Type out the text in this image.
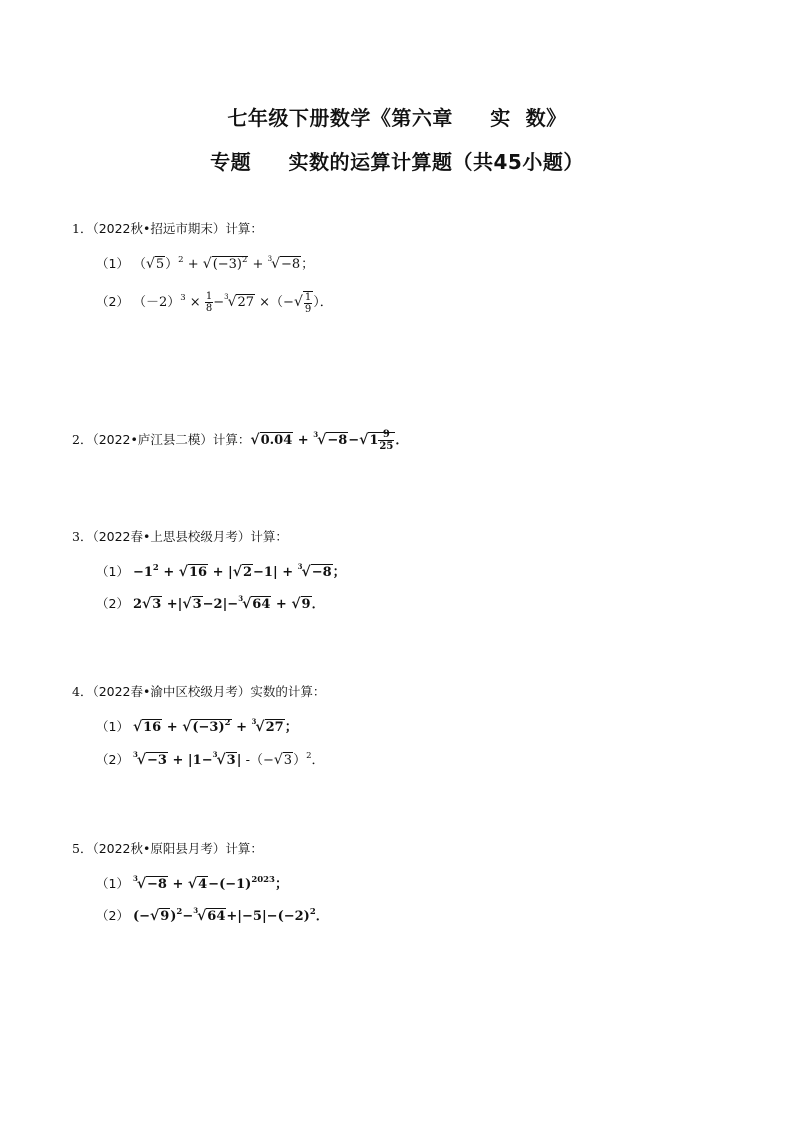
七年级下册数学《第六章     实  数》
专题     实数的运算计算题（共45小题）
1．（2022秋•招远市期末）计算：
（1） $(√5)^2 + √(-3)^2 + ^3√-8$；
（2） $(-2)^3 \times \frac{1}{8} -^3√27$ ×（−√ $\frac{1}{9}$ ）．
2．（2022•庐江县二模）计算：$√0.04 + ^3√-8-√1 \frac{9}{25}$ ．
3．（2022春•上思县校级月考）计算：
$(1) -1^2 + √16 + |√2-1| + ^3√-8$；
（2） 2√3 +|√3−2|−$^3$√64 + √9．
4．（2022春•渝中区校级月考）实数的计算：
（1） $√16 + √(-3)^2 + ^3√27$；
（2） $^3$√−3 + |1−$^3$√3| $-(-√3)^2$．
5．（2022秋•原阳县月考）计算：
（1） $^3√-8 + √4-(-1)^{2023}$；
（2） $(-√9)^2-^3√64+|-5|-(-2)^2$．
